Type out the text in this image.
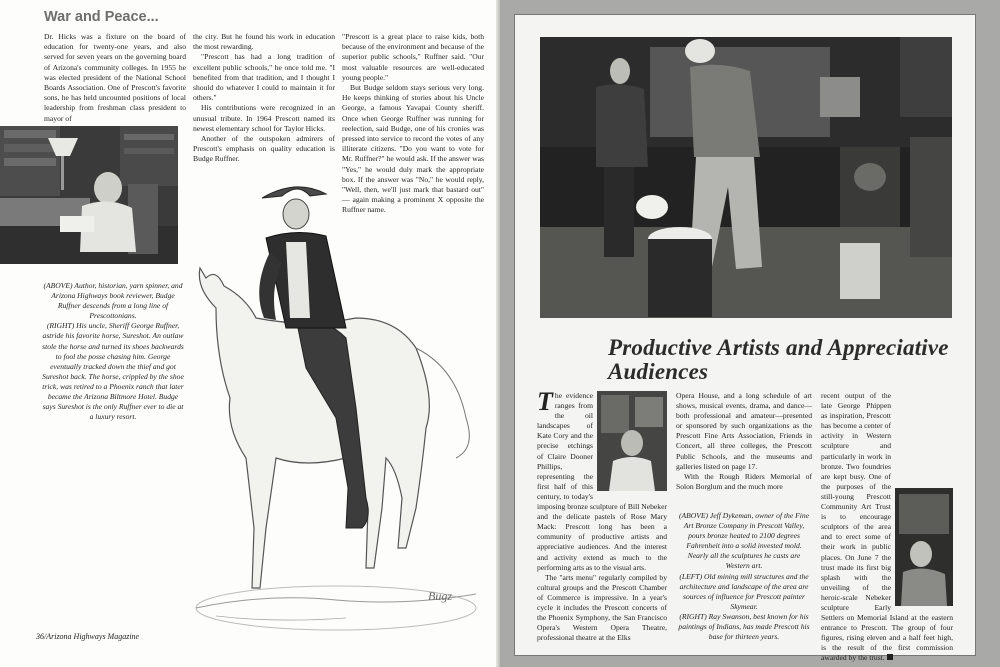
War and Peace...

Dr. Hicks was a fixture on the board of education for twenty-one years, and also served for seven years on the governing board of Arizona's community colleges. In 1955 he was elected president of the National School Boards Association. One of Prescott's favorite sons, he has held uncounted positions of local leadership from freshman class president to mayor of

the city. But he found his work in education the most rewarding.

"Prescott has had a long tradition of excellent public schools," he once told me. "I benefited from that tradition, and I thought I should do whatever I could to maintain it for others."

His contributions were recognized in an unusual tribute. In 1964 Prescott named its newest elementary school for Taylor Hicks.

Another of the outspoken admirers of Prescott's emphasis on quality education is Budge Ruffner.

"Prescott is a great place to raise kids, both because of the environment and because of the superior public schools," Ruffner said. "Our most valuable resources are well-educated young people."

But Budge seldom stays serious very long. He keeps thinking of stories about his Uncle George, a famous Yavapai County sheriff. Once when George Ruffner was running for reelection, said Budge, one of his cronies was pressed into service to record the votes of any illiterate citizens. "Do you want to vote for Mr. Ruffner?" he would ask. If the answer was "Yes," he would duly mark the appropriate box. If the answer was "No," he would reply, "Well, then, we'll just mark that bastard out" — again making a prominent X opposite the Ruffner name.

(ABOVE) Author, historian, yarn spinner, and Arizona Highways book reviewer, Budge Ruffner descends from a long line of Prescottonians.

(RIGHT) His uncle, Sheriff George Ruffner, astride his favorite horse, Sureshot. An outlaw stole the horse and turned its shoes backwards to fool the posse chasing him. George eventually tracked down the thief and got Sureshot back. The horse, crippled by the shoe trick, was retired to a Phoenix ranch that later became the Arizona Biltmore Hotel. Budge says Sureshot is the only Ruffner ever to die at a luxury resort.

Bugz
36/Arizona Highways Magazine
Productive Artists and Appreciative Audiences

The evidence ranges from the oil landscapes of Kate Cory and the precise etchings of Claire Dooner Phillips, representing the first half of this century, to today's imposing bronze sculpture of Bill Nebeker and the delicate pastels of Rose Mary Mack: Prescott long has been a community of productive artists and appreciative audiences. And the interest and activity extend as much to the performing arts as to the visual arts.

The "arts menu" regularly compiled by cultural groups and the Prescott Chamber of Commerce is impressive. In a year's cycle it includes the Prescott concerts of the Phoenix Symphony, the San Francisco Opera's Western Opera Theatre, professional theatre at the Elks

Opera House, and a long schedule of art shows, musical events, drama, and dance—both professional and amateur—presented or sponsored by such organizations as the Prescott Fine Arts Association, Friends in Concert, all three colleges, the Prescott Public Schools, and the museums and galleries listed on page 17.

With the Rough Riders Memorial of Solon Borglum and the much more

(ABOVE) Jeff Dykeman, owner of the Fine Art Bronze Company in Prescott Valley, pours bronze heated to 2100 degrees Fahrenheit into a solid invested mold. Nearly all the sculptures he casts are Western art.

(LEFT) Old mining mill structures and the architecture and landscape of the area are sources of influence for Prescott painter Skymear.

(RIGHT) Ray Swanson, best known for his paintings of Indians, has made Prescott his base for thirteen years.

recent output of the late George Phippen as inspiration, Prescott has become a center of activity in Western sculpture and particularly in work in bronze. Two foundries are kept busy. One of the purposes of the still-young Prescott Community Art Trust is to encourage sculptors of the area and to erect some of their work in public places. On June 7 the trust made its first big splash with the unveiling of the heroic-scale Nebeker sculpture Early Settlers on Memorial Island at the eastern entrance to Prescott. The group of four figures, rising eleven and a half feet high, is the result of the first commission awarded by the trust.
